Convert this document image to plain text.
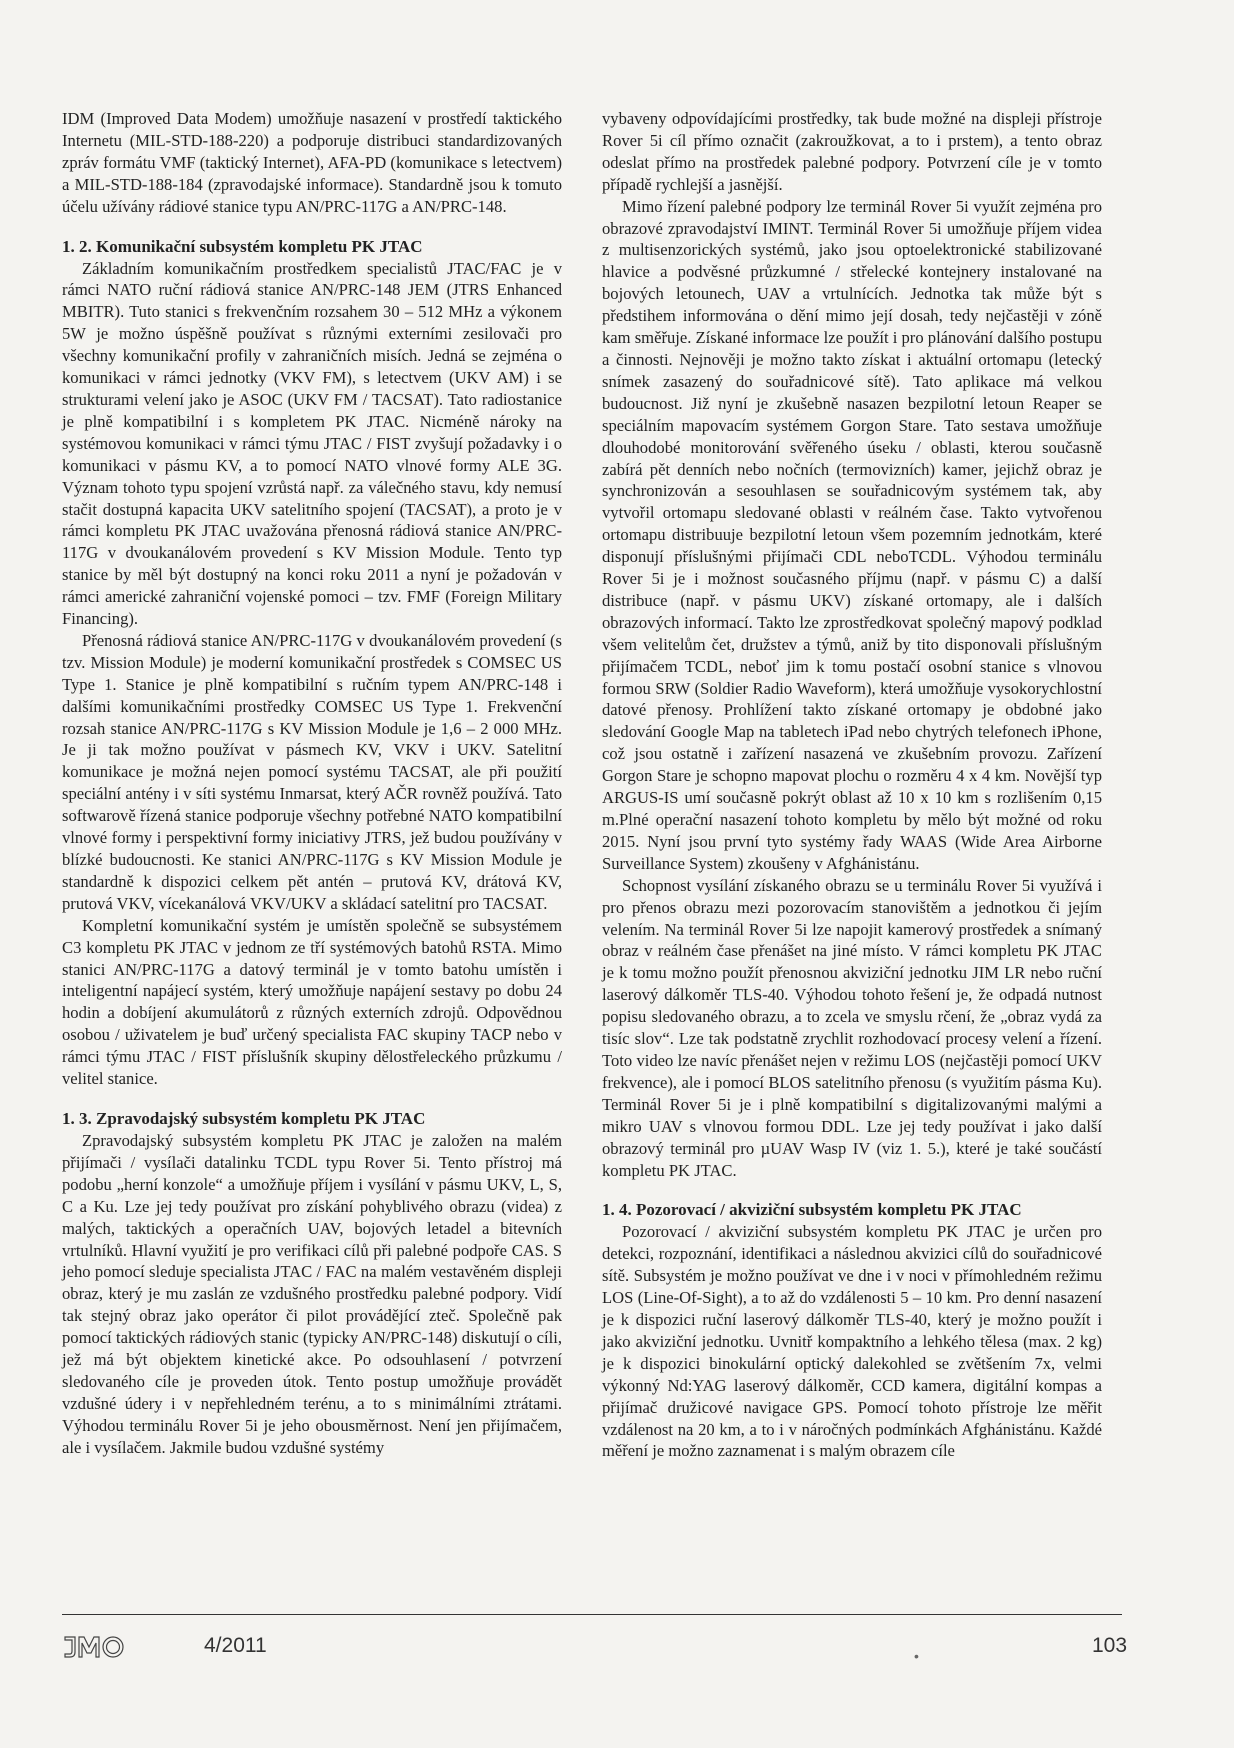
IDM (Improved Data Modem) umožňuje nasazení v prostředí taktického Internetu (MIL-STD-188-220) a podporuje distribuci standardizovaných zpráv formátu VMF (taktický Internet), AFA-PD (komunikace s letectvem) a MIL-STD-188-184 (zpravodajské informace). Standardně jsou k tomuto účelu užívány rádiové stanice typu AN/PRC-117G a AN/PRC-148.

1. 2. Komunikační subsystém kompletu PK JTAC

Základním komunikačním prostředkem specialistů JTAC/FAC je v rámci NATO ruční rádiová stanice AN/PRC-148 JEM (JTRS Enhanced MBITR). Tuto stanici s frekvenčním rozsahem 30 – 512 MHz a výkonem 5W je možno úspěšně používat s různými externími zesilovači pro všechny komunikační profily v zahraničních misích. Jedná se zejména o komunikaci v rámci jednotky (VKV FM), s letectvem (UKV AM) i se strukturami velení jako je ASOC (UKV FM / TACSAT). Tato radiostanice je plně kompatibilní i s kompletem PK JTAC. Nicméně nároky na systémovou komunikaci v rámci týmu JTAC / FIST zvyšují požadavky i o komunikaci v pásmu KV, a to pomocí NATO vlnové formy ALE 3G. Význam tohoto typu spojení vzrůstá např. za válečného stavu, kdy nemusí stačit dostupná kapacita UKV satelitního spojení (TACSAT), a proto je v rámci kompletu PK JTAC uvažována přenosná rádiová stanice AN/PRC-117G v dvoukanálovém provedení s KV Mission Module. Tento typ stanice by měl být dostupný na konci roku 2011 a nyní je požadován v rámci americké zahraniční vojenské pomoci – tzv. FMF (Foreign Military Financing).

Přenosná rádiová stanice AN/PRC-117G v dvoukanálovém provedení (s tzv. Mission Module) je moderní komunikační prostředek s COMSEC US Type 1. Stanice je plně kompatibilní s ručním typem AN/PRC-148 i dalšími komunikačními prostředky COMSEC US Type 1. Frekvenční rozsah stanice AN/PRC-117G s KV Mission Module je 1,6 – 2 000 MHz. Je ji tak možno používat v pásmech KV, VKV i UKV. Satelitní komunikace je možná nejen pomocí systému TACSAT, ale při použití speciální antény i v síti systému Inmarsat, který AČR rovněž používá. Tato softwarově řízená stanice podporuje všechny potřebné NATO kompatibilní vlnové formy i perspektivní formy iniciativy JTRS, jež budou používány v blízké budoucnosti. Ke stanici AN/PRC-117G s KV Mission Module je standardně k dispozici celkem pět antén – prutová KV, drátová KV, prutová VKV, vícekanálová VKV/UKV a skládací satelitní pro TACSAT.

Kompletní komunikační systém je umístěn společně se subsystémem C3 kompletu PK JTAC v jednom ze tří systémových batohů RSTA. Mimo stanici AN/PRC-117G a datový terminál je v tomto batohu umístěn i inteligentní napájecí systém, který umožňuje napájení sestavy po dobu 24 hodin a dobíjení akumulátorů z různých externích zdrojů. Odpovědnou osobou / uživatelem je buď určený specialista FAC skupiny TACP nebo v rámci týmu JTAC / FIST příslušník skupiny dělostřeleckého průzkumu / velitel stanice.

1. 3. Zpravodajský subsystém kompletu PK JTAC

Zpravodajský subsystém kompletu PK JTAC je založen na malém přijímači / vysílači datalinku TCDL typu Rover 5i. Tento přístroj má podobu „herní konzole“ a umožňuje příjem i vysílání v pásmu UKV, L, S, C a Ku. Lze jej tedy používat pro získání pohyblivého obrazu (videa) z malých, taktických a operačních UAV, bojových letadel a bitevních vrtulníků. Hlavní využití je pro verifikaci cílů při palebné podpoře CAS. S jeho pomocí sleduje specialista JTAC / FAC na malém vestavěném displeji obraz, který je mu zaslán ze vzdušného prostředku palebné podpory. Vidí tak stejný obraz jako operátor či pilot provádějící zteč. Společně pak pomocí taktických rádiových stanic (typicky AN/PRC-148) diskutují o cíli, jež má být objektem kinetické akce. Po odsouhlasení / potvrzení sledovaného cíle je proveden útok. Tento postup umožňuje provádět vzdušné údery i v nepřehledném terénu, a to s minimálními ztrátami. Výhodou terminálu Rover 5i je jeho obousměrnost. Není jen přijímačem, ale i vysílačem. Jakmile budou vzdušné systémy

vybaveny odpovídajícími prostředky, tak bude možné na displeji přístroje Rover 5i cíl přímo označit (zakroužkovat, a to i prstem), a tento obraz odeslat přímo na prostředek palebné podpory. Potvrzení cíle je v tomto případě rychlejší a jasnější.

Mimo řízení palebné podpory lze terminál Rover 5i využít zejména pro obrazové zpravodajství IMINT. Terminál Rover 5i umožňuje příjem videa z multisenzorických systémů, jako jsou optoelektronické stabilizované hlavice a podvěsné průzkumné / střelecké kontejnery instalované na bojových letounech, UAV a vrtulnících. Jednotka tak může být s předstihem informována o dění mimo její dosah, tedy nejčastěji v zóně kam směřuje. Získané informace lze použít i pro plánování dalšího postupu a činnosti. Nejnověji je možno takto získat i aktuální ortomapu (letecký snímek zasazený do souřadnicové sítě). Tato aplikace má velkou budoucnost. Již nyní je zkušebně nasazen bezpilotní letoun Reaper se speciálním mapovacím systémem Gorgon Stare. Tato sestava umožňuje dlouhodobé monitorování svěřeného úseku / oblasti, kterou současně zabírá pět denních nebo nočních (termovizních) kamer, jejichž obraz je synchronizován a sesouhlasen se souřadnicovým systémem tak, aby vytvořil ortomapu sledované oblasti v reálném čase. Takto vytvořenou ortomapu distribuuje bezpilotní letoun všem pozemním jednotkám, které disponují příslušnými přijímači CDL neboTCDL. Výhodou terminálu Rover 5i je i možnost současného příjmu (např. v pásmu C) a další distribuce (např. v pásmu UKV) získané ortomapy, ale i dalších obrazových informací. Takto lze zprostředkovat společný mapový podklad všem velitelům čet, družstev a týmů, aniž by tito disponovali příslušným přijímačem TCDL, neboť jim k tomu postačí osobní stanice s vlnovou formou SRW (Soldier Radio Waveform), která umožňuje vysokorychlostní datové přenosy. Prohlížení takto získané ortomapy je obdobné jako sledování Google Map na tabletech iPad nebo chytrých telefonech iPhone, což jsou ostatně i zařízení nasazená ve zkušebním provozu. Zařízení Gorgon Stare je schopno mapovat plochu o rozměru 4 x 4 km. Novější typ ARGUS-IS umí současně pokrýt oblast až 10 x 10 km s rozlišením 0,15 m.Plné operační nasazení tohoto kompletu by mělo být možné od roku 2015. Nyní jsou první tyto systémy řady WAAS (Wide Area Airborne Surveillance System) zkoušeny v Afghánistánu.

Schopnost vysílání získaného obrazu se u terminálu Rover 5i využívá i pro přenos obrazu mezi pozorovacím stanovištěm a jednotkou či jejím velením. Na terminál Rover 5i lze napojit kamerový prostředek a snímaný obraz v reálném čase přenášet na jiné místo. V rámci kompletu PK JTAC je k tomu možno použít přenosnou akviziční jednotku JIM LR nebo ruční laserový dálkoměr TLS-40. Výhodou tohoto řešení je, že odpadá nutnost popisu sledovaného obrazu, a to zcela ve smyslu rčení, že „obraz vydá za tisíc slov“. Lze tak podstatně zrychlit rozhodovací procesy velení a řízení. Toto video lze navíc přenášet nejen v režimu LOS (nejčastěji pomocí UKV frekvence), ale i pomocí BLOS satelitního přenosu (s využitím pásma Ku). Terminál Rover 5i je i plně kompatibilní s digitalizovanými malými a mikro UAV s vlnovou formou DDL. Lze jej tedy používat i jako další obrazový terminál pro µUAV Wasp IV (viz 1. 5.), které je také součástí kompletu PK JTAC.

1. 4. Pozorovací / akviziční subsystém kompletu PK JTAC

Pozorovací / akviziční subsystém kompletu PK JTAC je určen pro detekci, rozpoznání, identifikaci a následnou akvizici cílů do souřadnicové sítě. Subsystém je možno používat ve dne i v noci v přímohledném režimu LOS (Line-Of-Sight), a to až do vzdálenosti 5 – 10 km. Pro denní nasazení je k dispozici ruční laserový dálkoměr TLS-40, který je možno použít i jako akviziční jednotku. Uvnitř kompaktního a lehkého tělesa (max. 2 kg) je k dispozici binokulární optický dalekohled se zvětšením 7x, velmi výkonný Nd:YAG laserový dálkoměr, CCD kamera, digitální kompas a přijímač družicové navigace GPS. Pomocí tohoto přístroje lze měřit vzdálenost na 20 km, a to i v náročných podmínkách Afghánistánu. Každé měření je možno zaznamenat i s malým obrazem cíle

4/2011	•	103
